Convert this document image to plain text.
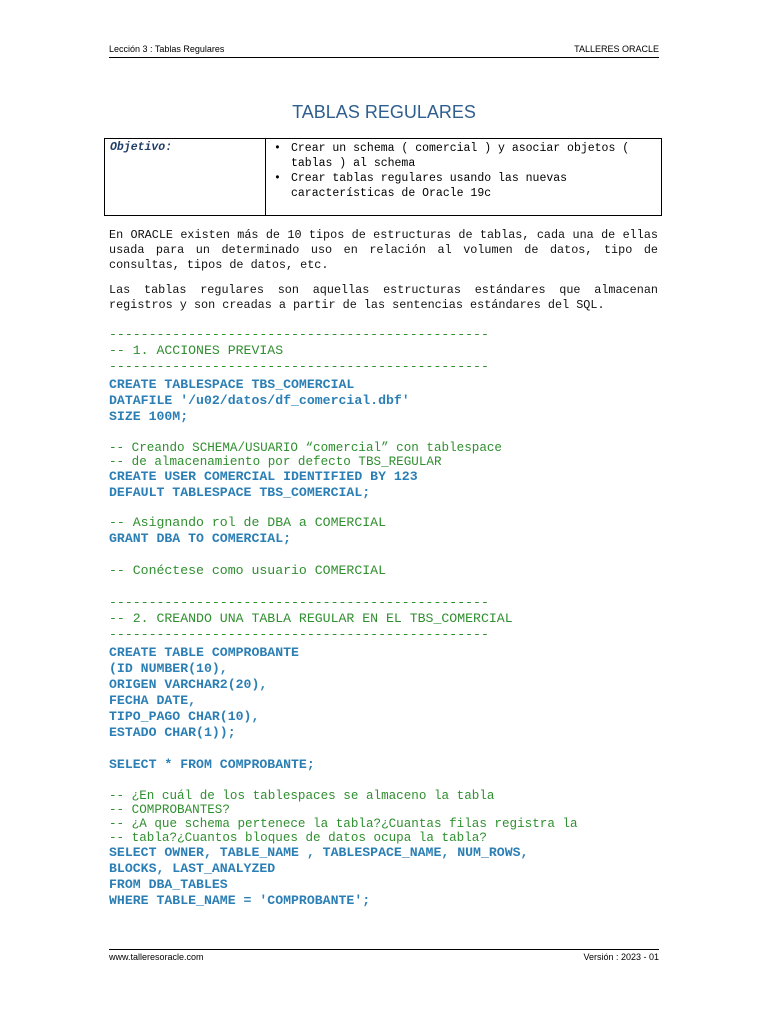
Lección 3 : Tablas Regulares	TALLERES ORACLE
TABLAS REGULARES
Objetivo:	• Crear un schema ( comercial ) y asociar objetos ( tablas ) al schema
• Crear tablas regulares usando las nuevas características de Oracle 19c
En ORACLE existen más de 10 tipos de estructuras de tablas, cada una de ellas usada para un determinado uso en relación al volumen de datos, tipo de consultas, tipos de datos, etc.
Las tablas regulares son aquellas estructuras estándares que almacenan registros y son creadas a partir de las sentencias estándares del SQL.
------------------------------------------------
-- 1. ACCIONES PREVIAS
------------------------------------------------
CREATE TABLESPACE TBS_COMERCIAL
DATAFILE '/u02/datos/df_comercial.dbf'
SIZE 100M;
-- Creando SCHEMA/USUARIO “comercial” con tablespace
-- de almacenamiento por defecto TBS_REGULAR
CREATE USER COMERCIAL IDENTIFIED BY 123
DEFAULT TABLESPACE TBS_COMERCIAL;
-- Asignando rol de DBA a COMERCIAL
GRANT DBA TO COMERCIAL;
-- Conéctese como usuario COMERCIAL
------------------------------------------------
-- 2. CREANDO UNA TABLA REGULAR EN EL TBS_COMERCIAL
------------------------------------------------
CREATE TABLE COMPROBANTE
(ID NUMBER(10),
ORIGEN VARCHAR2(20),
FECHA DATE,
TIPO_PAGO CHAR(10),
ESTADO CHAR(1));
SELECT * FROM COMPROBANTE;
-- ¿En cuál de los tablespaces se almaceno la tabla
-- COMPROBANTES?
-- ¿A que schema pertenece la tabla?¿Cuantas filas registra la
-- tabla?¿Cuantos bloques de datos ocupa la tabla?
SELECT OWNER, TABLE_NAME , TABLESPACE_NAME, NUM_ROWS,
BLOCKS, LAST_ANALYZED
FROM DBA_TABLES
WHERE TABLE_NAME = 'COMPROBANTE';
www.talleresoracle.com	Versión : 2023 - 01
